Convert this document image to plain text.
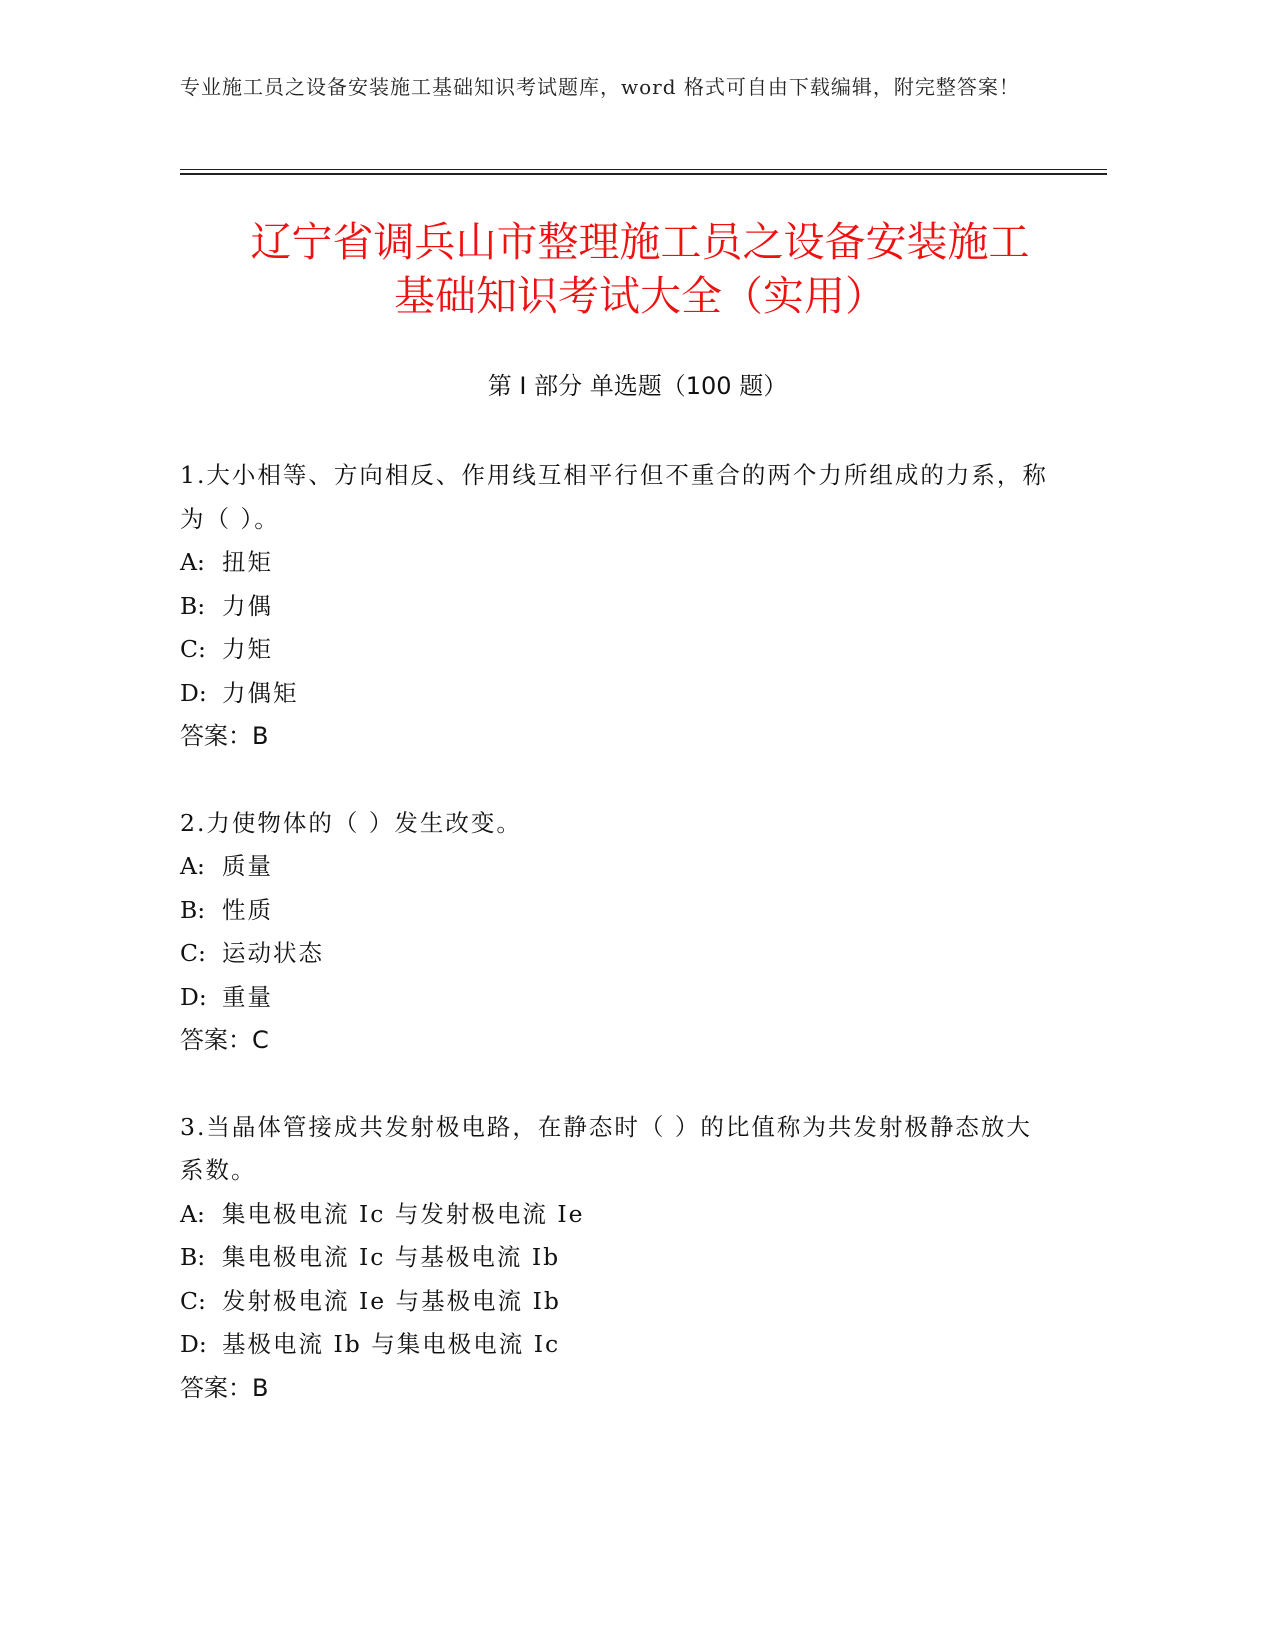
专业施工员之设备安装施工基础知识考试题库，word 格式可自由下载编辑，附完整答案！
辽宁省调兵山市整理施工员之设备安装施工
基础知识考试大全（实用）
第 I 部分 单选题（100 题）

1.大小相等、方向相反、作用线互相平行但不重合的两个力所组成的力系，称为（ ）。

A: 扭矩

B: 力偶

C: 力矩

D: 力偶矩

答案：B

2.力使物体的（ ）发生改变。

A: 质量

B: 性质

C: 运动状态

D: 重量

答案：C

3.当晶体管接成共发射极电路，在静态时（ ）的比值称为共发射极静态放大系数。

A: 集电极电流 Ic 与发射极电流 Ie

B: 集电极电流 Ic 与基极电流 Ib

C: 发射极电流 Ie 与基极电流 Ib

D: 基极电流 Ib 与集电极电流 Ic

答案：B
